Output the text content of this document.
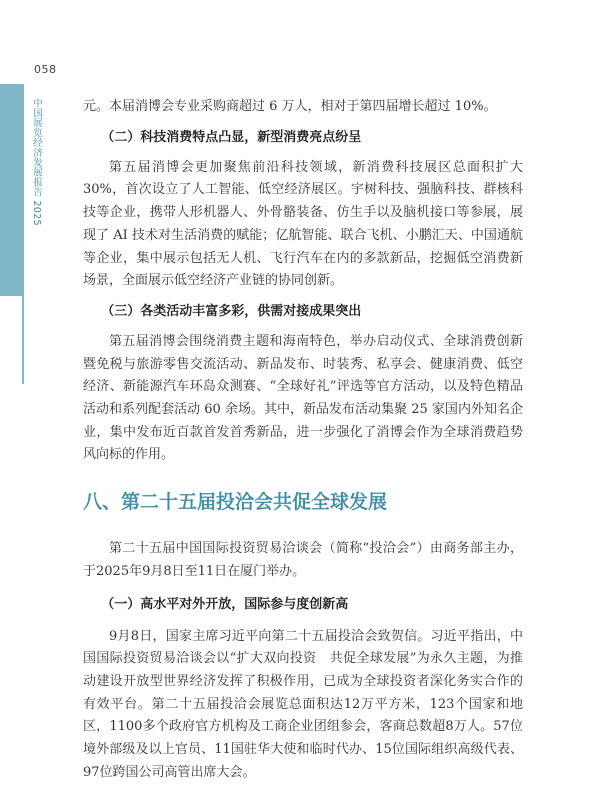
058
中国展览经济发展报告 2025	元。本届消博会专业采购商超过 6 万人，相对于第四届增长超过 10%。

（二）科技消费特点凸显，新型消费亮点纷呈

第五届消博会更加聚焦前沿科技领域，新消费科技展区总面积扩大 30%，首次设立了人工智能、低空经济展区。宇树科技、强脑科技、群核科技等企业，携带人形机器人、外骨骼装备、仿生手以及脑机接口等参展，展现了 AI 技术对生活消费的赋能；亿航智能、联合飞机、小鹏汇天、中国通航等企业，集中展示包括无人机、飞行汽车在内的多款新品，挖掘低空消费新场景，全面展示低空经济产业链的协同创新。

（三）各类活动丰富多彩，供需对接成果突出

第五届消博会围绕消费主题和海南特色，举办启动仪式、全球消费创新暨免税与旅游零售交流活动、新品发布、时装秀、私享会、健康消费、低空经济、新能源汽车环岛众测赛、“全球好礼”评选等官方活动，以及特色精品活动和系列配套活动 60 余场。其中，新品发布活动集聚 25 家国内外知名企业，集中发布近百款首发首秀新品，进一步强化了消博会作为全球消费趋势风向标的作用。

八、第二十五届投洽会共促全球发展

第二十五届中国国际投资贸易洽谈会（简称“投洽会”）由商务部主办，于2025年9月8日至11日在厦门举办。

（一）高水平对外开放，国际参与度创新高

9月8日，国家主席习近平向第二十五届投洽会致贺信。习近平指出，中国国际投资贸易洽谈会以“扩大双向投资　共促全球发展”为永久主题，为推动建设开放型世界经济发挥了积极作用，已成为全球投资者深化务实合作的有效平台。第二十五届投洽会展览总面积达12万平方米，123个国家和地区，1100多个政府官方机构及工商企业团组参会，客商总数超8万人。57位境外部级及以上官员、11国驻华大使和临时代办、15位国际组织高级代表、97位跨国公司高管出席大会。
